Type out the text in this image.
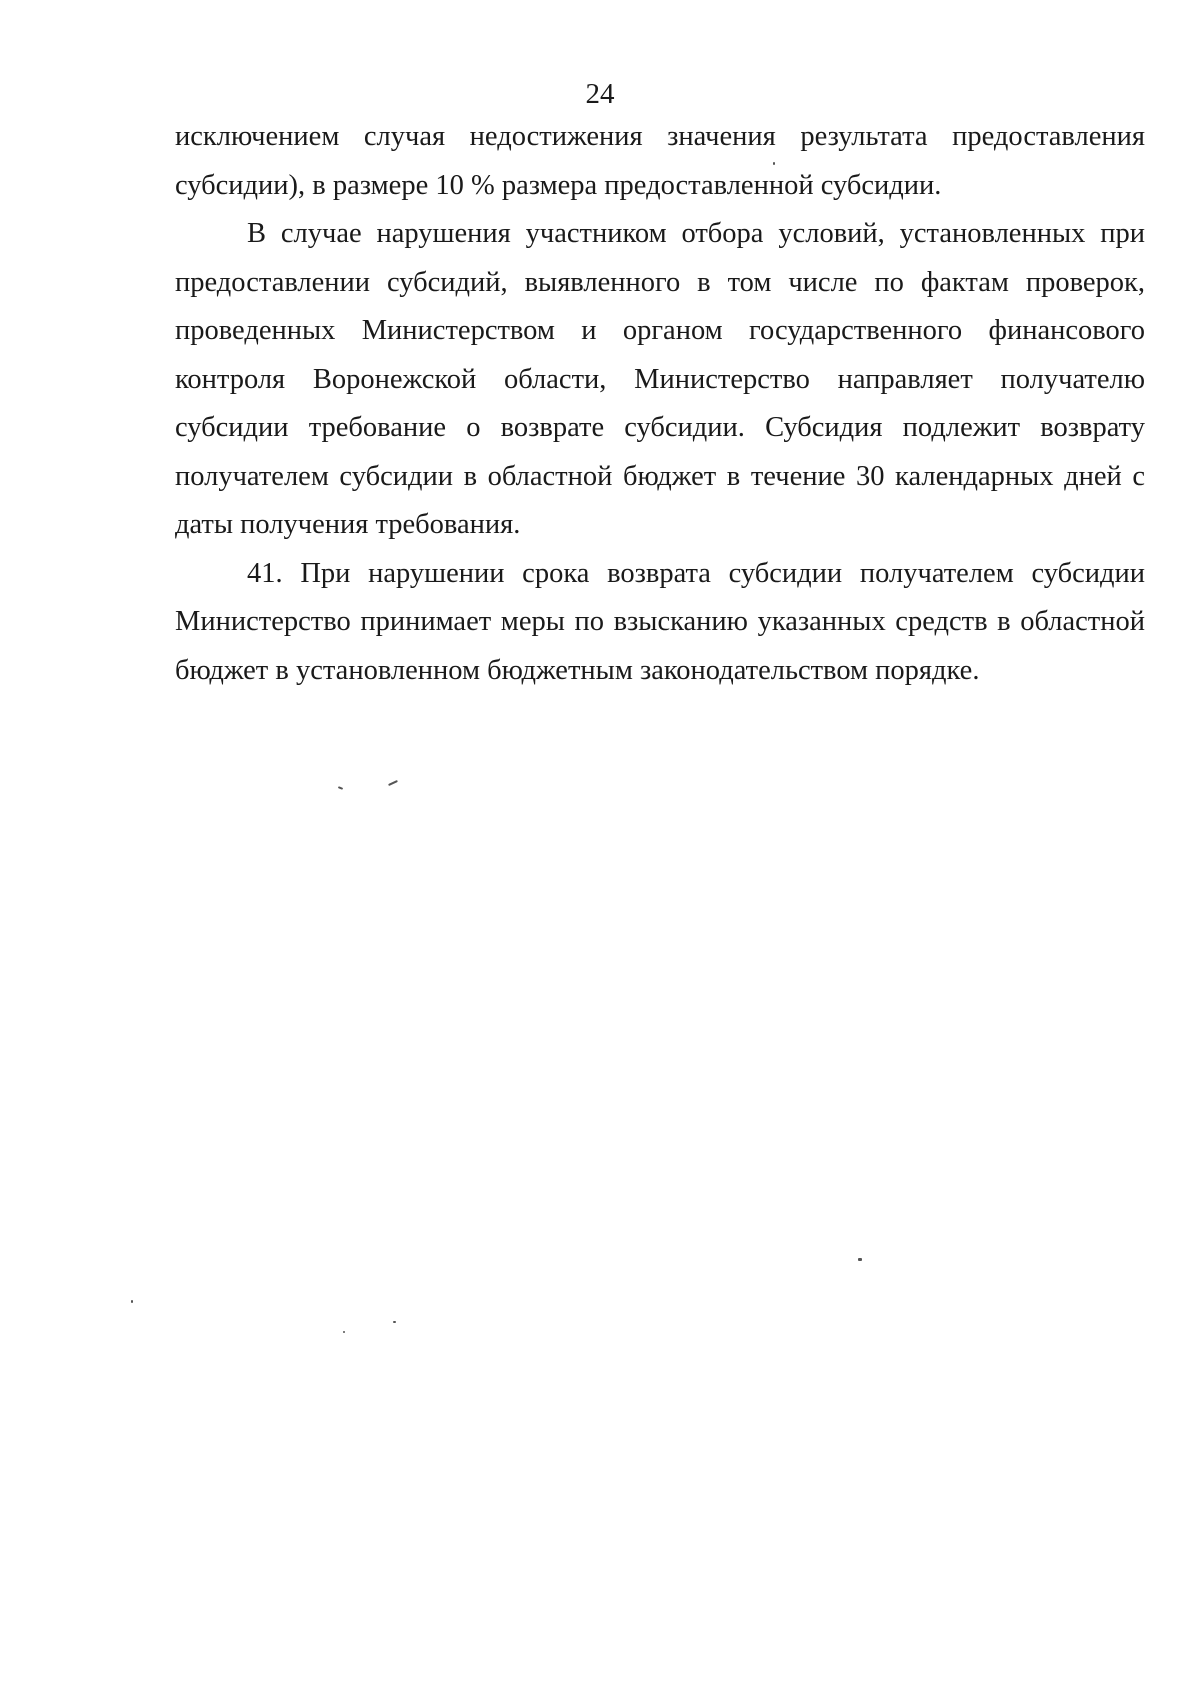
24

исключением случая недостижения значения результата предоставления субсидии), в размере 10 % размера предоставленной субсидии.

В случае нарушения участником отбора условий, установленных при предоставлении субсидий, выявленного в том числе по фактам проверок, проведенных Министерством и органом государственного финансового контроля Воронежской области, Министерство направляет получателю субсидии требование о возврате субсидии. Субсидия подлежит возврату получателем субсидии в областной бюджет в течение 30 календарных дней с даты получения требования.

41. При нарушении срока возврата субсидии получателем субсидии Министерство принимает меры по взысканию указанных средств в областной бюджет в установленном бюджетным законодательством порядке.
